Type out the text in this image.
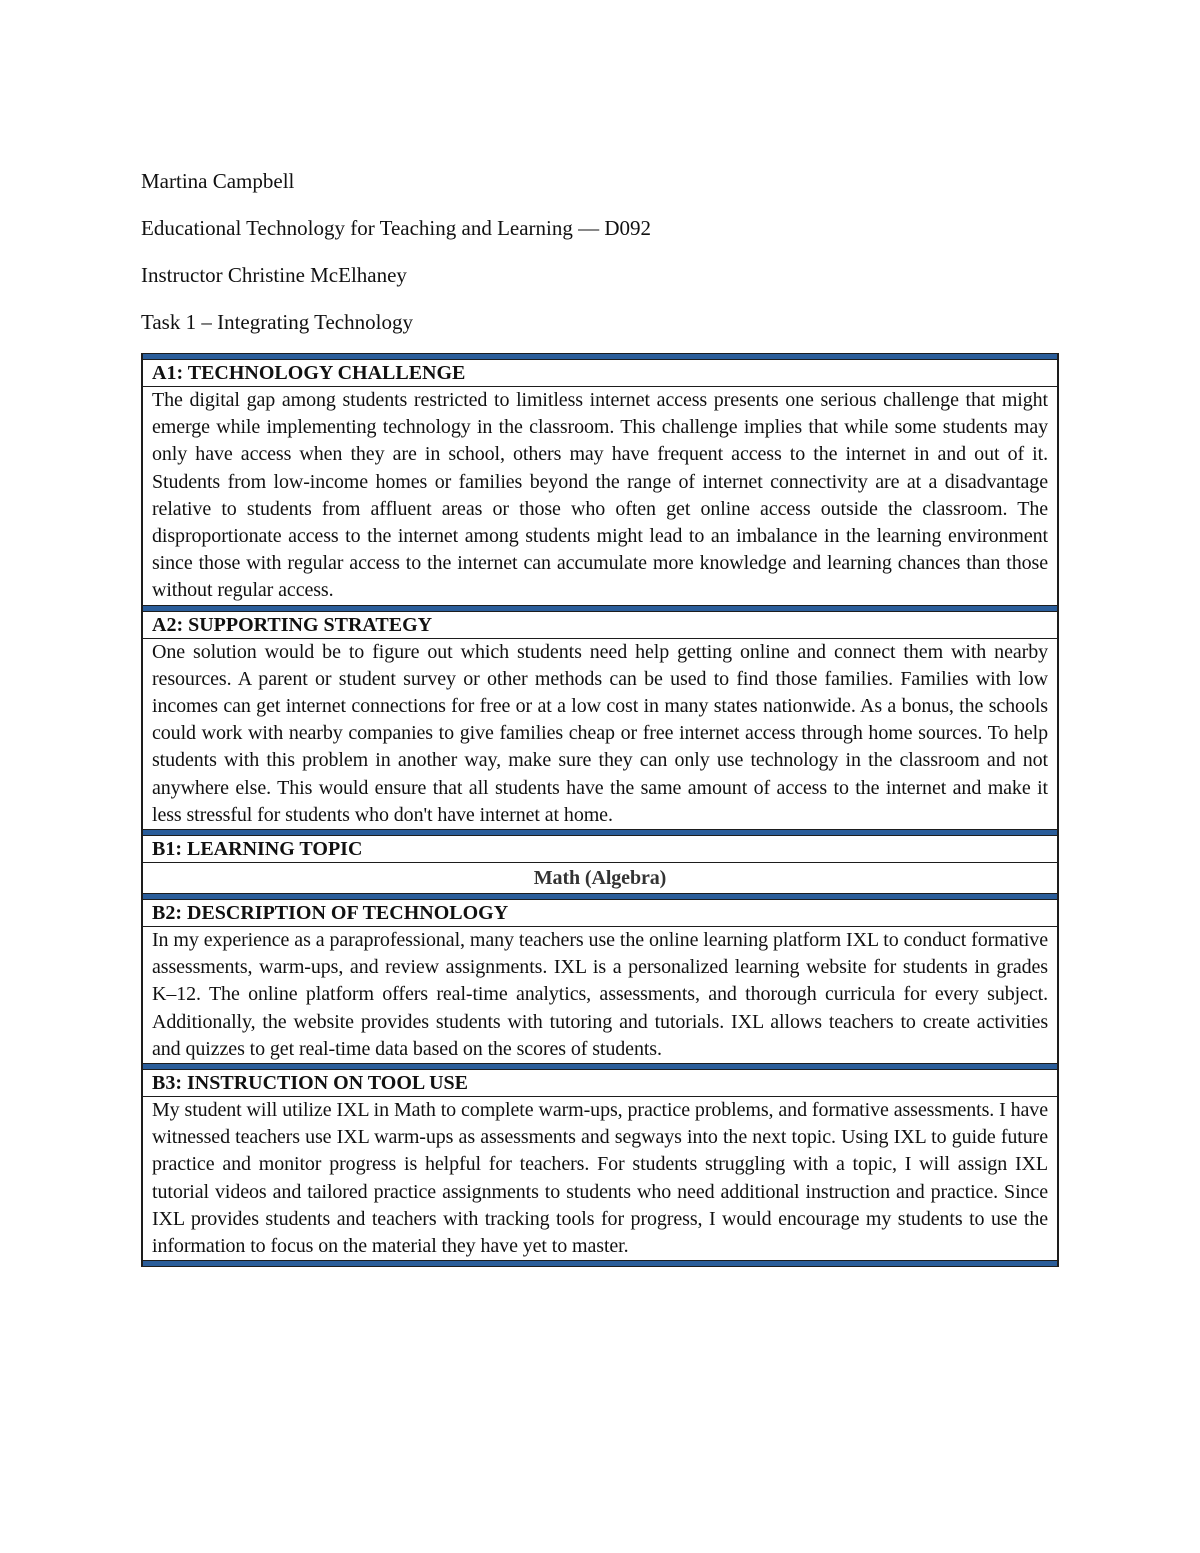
Martina Campbell

Educational Technology for Teaching and Learning — D092

Instructor Christine McElhaney

Task 1 – Integrating Technology

A1: TECHNOLOGY CHALLENGE
The digital gap among students restricted to limitless internet access presents one serious challenge that might emerge while implementing technology in the classroom. This challenge implies that while some students may only have access when they are in school, others may have frequent access to the internet in and out of it. Students from low-income homes or families beyond the range of internet connectivity are at a disadvantage relative to students from affluent areas or those who often get online access outside the classroom. The disproportionate access to the internet among students might lead to an imbalance in the learning environment since those with regular access to the internet can accumulate more knowledge and learning chances than those without regular access.
A2: SUPPORTING STRATEGY
One solution would be to figure out which students need help getting online and connect them with nearby resources. A parent or student survey or other methods can be used to find those families. Families with low incomes can get internet connections for free or at a low cost in many states nationwide. As a bonus, the schools could work with nearby companies to give families cheap or free internet access through home sources. To help students with this problem in another way, make sure they can only use technology in the classroom and not anywhere else. This would ensure that all students have the same amount of access to the internet and make it less stressful for students who don't have internet at home.
B1: LEARNING TOPIC
Math (Algebra)
B2: DESCRIPTION OF TECHNOLOGY
In my experience as a paraprofessional, many teachers use the online learning platform IXL to conduct formative assessments, warm-ups, and review assignments. IXL is a personalized learning website for students in grades K–12. The online platform offers real-time analytics, assessments, and thorough curricula for every subject. Additionally, the website provides students with tutoring and tutorials. IXL allows teachers to create activities and quizzes to get real-time data based on the scores of students.
B3: INSTRUCTION ON TOOL USE
My student will utilize IXL in Math to complete warm-ups, practice problems, and formative assessments. I have witnessed teachers use IXL warm-ups as assessments and segways into the next topic. Using IXL to guide future practice and monitor progress is helpful for teachers. For students struggling with a topic, I will assign IXL tutorial videos and tailored practice assignments to students who need additional instruction and practice. Since IXL provides students and teachers with tracking tools for progress, I would encourage my students to use the information to focus on the material they have yet to master.
